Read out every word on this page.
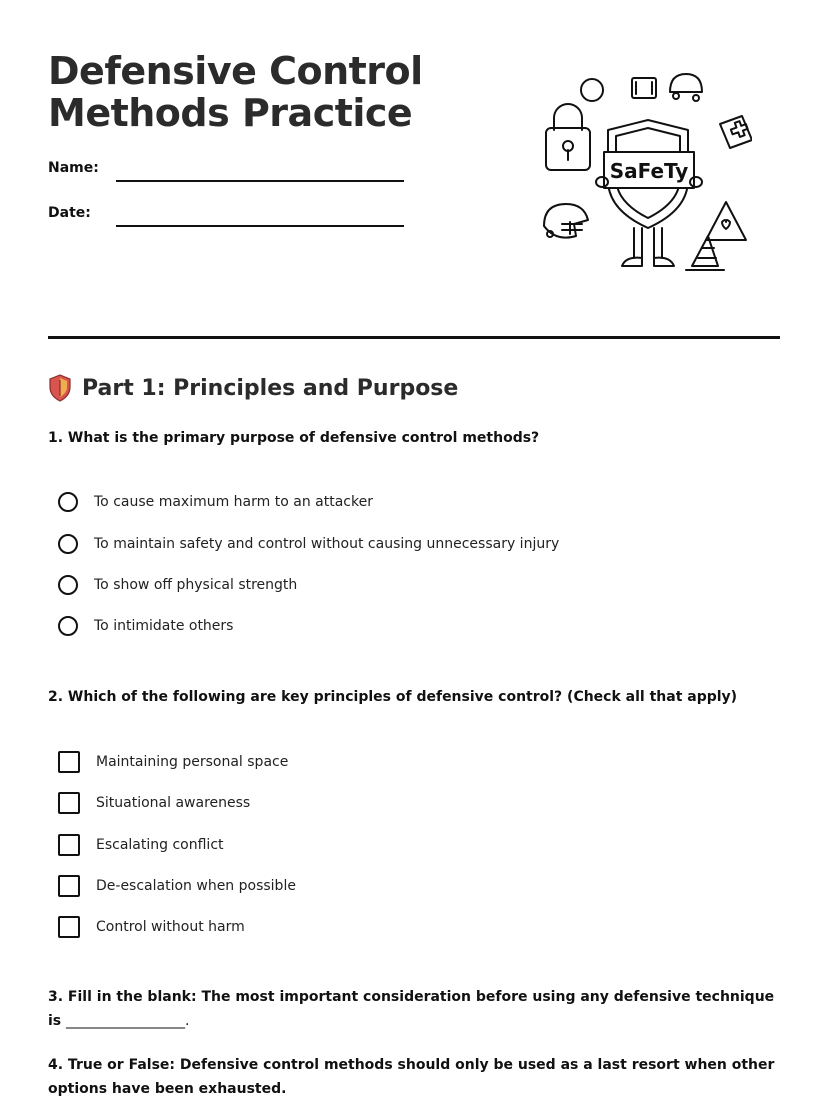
Defensive Control
Methods Practice
Name:
Date:
SaFeTy
Part 1: Principles and Purpose
1. What is the primary purpose of defensive control methods?
To cause maximum harm to an attacker
To maintain safety and control without causing unnecessary injury
To show off physical strength
To intimidate others
2. Which of the following are key principles of defensive control? (Check all that apply)
Maintaining personal space
Situational awareness
Escalating conflict
De-escalation when possible
Control without harm
3. Fill in the blank: The most important consideration before using any defensive technique is _________________.
4. True or False: Defensive control methods should only be used as a last resort when other options have been exhausted.
